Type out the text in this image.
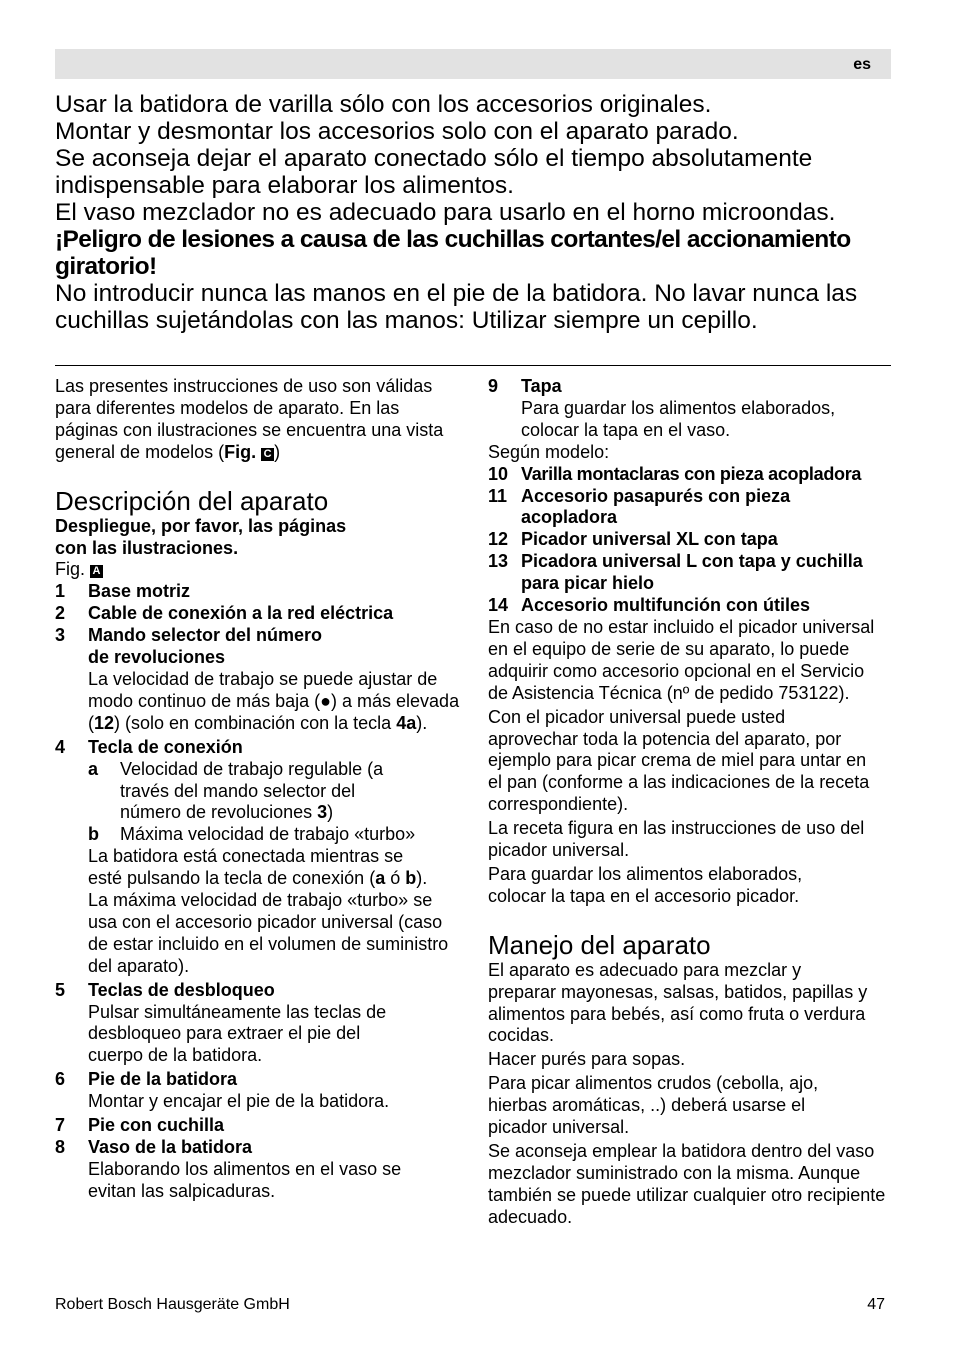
es

Usar la batidora de varilla sólo con los accesorios originales.

Montar y desmontar los accesorios solo con el aparato parado.

Se aconseja dejar el aparato conectado sólo el tiempo absolutamente indispensable para elaborar los alimentos.

El vaso mezclador no es adecuado para usarlo en el horno microondas.

¡Peligro de lesiones a causa de las cuchillas cortantes/el accionamiento giratorio!

No introducir nunca las manos en el pie de la batidora. No lavar nunca las cuchillas sujetándolas con las manos: Utilizar siempre un cepillo.

Las presentes instrucciones de uso son válidas para diferentes modelos de aparato. En las páginas con ilustraciones se encuentra una vista general de modelos (Fig. C )

Descripción del aparato

Despliegue, por favor, las páginas con las ilustraciones.

Fig. A

1	Base motriz
2	Cable de conexión a la red eléctrica
3	Mando selector del número de revoluciones

La velocidad de trabajo se puede ajustar de modo continuo de más baja (●) a más elevada (12) (solo en combinación con la tecla 4a).

4	Tecla de conexión
a	Velocidad de trabajo regulable (a través del mando selector del número de revoluciones 3)
b	Máxima velocidad de trabajo «turbo»

La batidora está conectada mientras se esté pulsando la tecla de conexión (a ó b).

La máxima velocidad de trabajo «turbo» se usa con el accesorio picador universal (caso de estar incluido en el volumen de suministro del aparato).

5	Teclas de desbloqueo

Pulsar simultáneamente las teclas de desbloqueo para extraer el pie del cuerpo de la batidora.

6	Pie de la batidora

Montar y encajar el pie de la batidora.

7	Pie con cuchilla
8	Vaso de la batidora

Elaborando los alimentos en el vaso se evitan las salpicaduras.

9	Tapa

Para guardar los alimentos elaborados, colocar la tapa en el vaso.

Según modelo:

10 Varilla montaclaras con pieza acopladora
11 Accesorio pasapurés con pieza acopladora
12 Picador universal XL con tapa
13 Picadora universal L con tapa y cuchilla para picar hielo
14 Accesorio multifunción con útiles

En caso de no estar incluido el picador universal en el equipo de serie de su aparato, lo puede adquirir como accesorio opcional en el Servicio de Asistencia Técnica (nº de pedido 753122).

Con el picador universal puede usted aprovechar toda la potencia del aparato, por ejemplo para picar crema de miel para untar en el pan (conforme a las indicaciones de la receta correspondiente).

La receta figura en las instrucciones de uso del picador universal.

Para guardar los alimentos elaborados, colocar la tapa en el accesorio picador.

Manejo del aparato

El aparato es adecuado para mezclar y preparar mayonesas, salsas, batidos, papillas y alimentos para bebés, así como fruta o verdura cocidas.

Hacer purés para sopas.

Para picar alimentos crudos (cebolla, ajo, hierbas aromáticas, ..) deberá usarse el picador universal.

Se aconseja emplear la batidora dentro del vaso mezclador suministrado con la misma. Aunque también se puede utilizar cualquier otro recipiente adecuado.

Robert Bosch Hausgeräte GmbH	47
